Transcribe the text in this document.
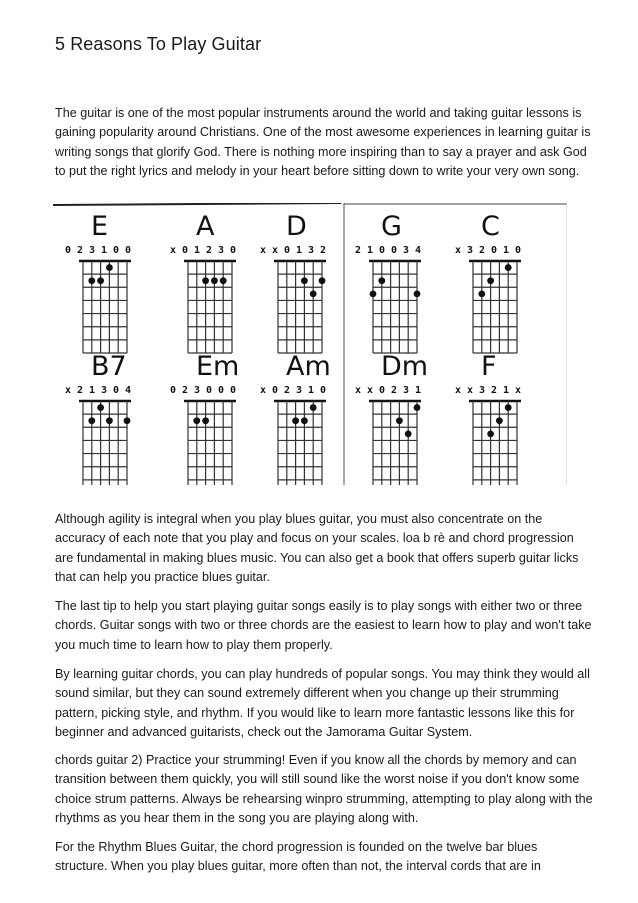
5 Reasons To Play Guitar

The guitar is one of the most popular instruments around the world and taking guitar lessons is gaining popularity around Christians. One of the most awesome experiences in learning guitar is writing songs that glorify God. There is nothing more inspiring than to say a prayer and ask God to put the right lyrics and melody in your heart before sitting down to write your very own song.

E
023100
A
x01230
D
xx0132
G
210034
C
x32010
B7
x21304
Em
023000
Am
x02310
Dm
xx0231
F
xx321x

Although agility is integral when you play blues guitar, you must also concentrate on the accuracy of each note that you play and focus on your scales. loa b rè and chord progression are fundamental in making blues music. You can also get a book that offers superb guitar licks that can help you practice blues guitar.

The last tip to help you start playing guitar songs easily is to play songs with either two or three chords. Guitar songs with two or three chords are the easiest to learn how to play and won't take you much time to learn how to play them properly.

By learning guitar chords, you can play hundreds of popular songs. You may think they would all sound similar, but they can sound extremely different when you change up their strumming pattern, picking style, and rhythm. If you would like to learn more fantastic lessons like this for beginner and advanced guitarists, check out the Jamorama Guitar System.

chords guitar 2) Practice your strumming! Even if you know all the chords by memory and can transition between them quickly, you will still sound like the worst noise if you don't know some choice strum patterns. Always be rehearsing winpro strumming, attempting to play along with the rhythms as you hear them in the song you are playing along with.

For the Rhythm Blues Guitar, the chord progression is founded on the twelve bar blues structure. When you play blues guitar, more often than not, the interval cords that are in
